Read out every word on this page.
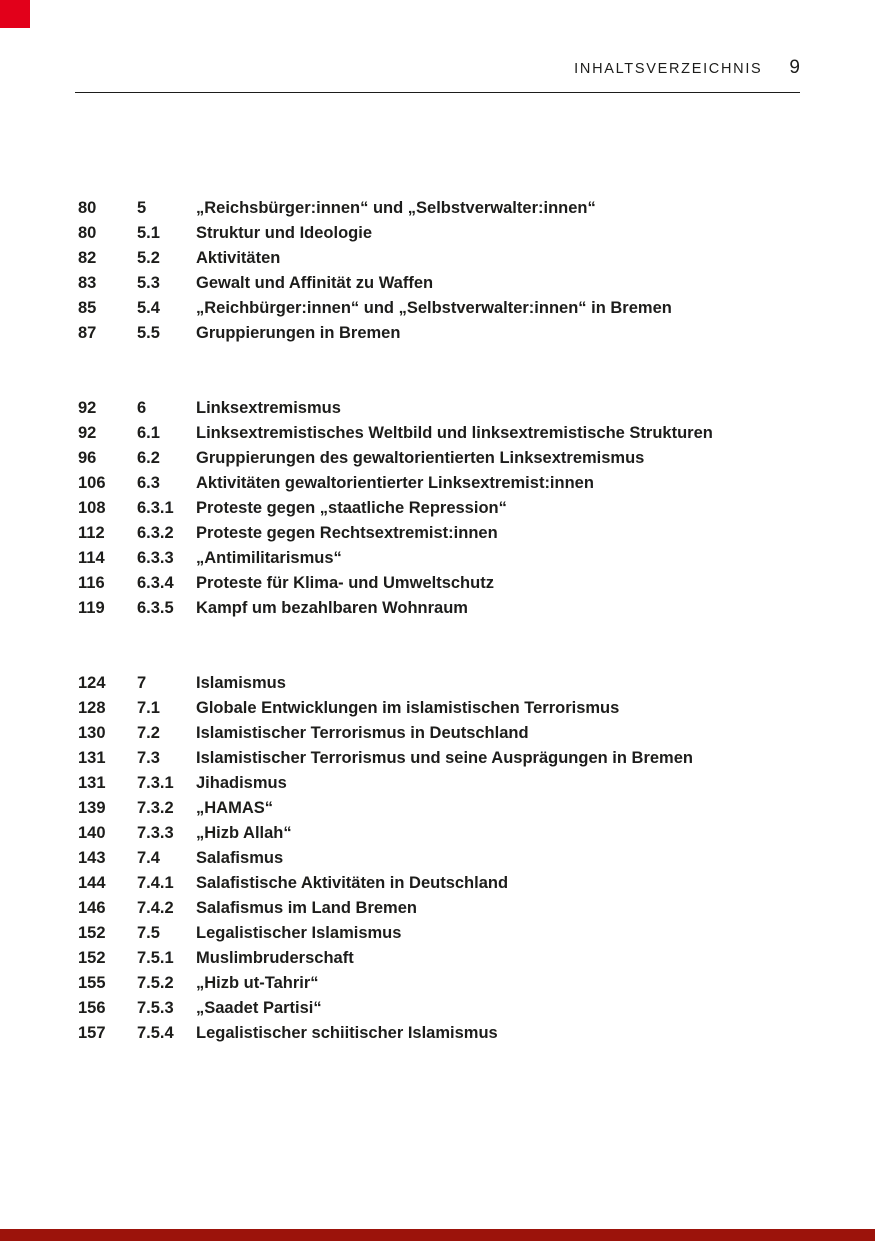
INHALTSVERZEICHNIS 9
80	5	„Reichsbürger:innen“ und „Selbstverwalter:innen“
80	5.1	Struktur und Ideologie
82	5.2	Aktivitäten
83	5.3	Gewalt und Affinität zu Waffen
85	5.4	„Reichbürger:innen“ und „Selbstverwalter:innen“ in Bremen
87	5.5	Gruppierungen in Bremen
92	6	Linksextremismus
92	6.1	Linksextremistisches Weltbild und linksextremistische Strukturen
96	6.2	Gruppierungen des gewaltorientierten Linksextremismus
106	6.3	Aktivitäten gewaltorientierter Linksextremist:innen
108	6.3.1	Proteste gegen „staatliche Repression“
112	6.3.2	Proteste gegen Rechtsextremist:innen
114	6.3.3	„Antimilitarismus“
116	6.3.4	Proteste für Klima- und Umweltschutz
119	6.3.5	Kampf um bezahlbaren Wohnraum
124	7	Islamismus
128	7.1	Globale Entwicklungen im islamistischen Terrorismus
130	7.2	Islamistischer Terrorismus in Deutschland
131	7.3	Islamistischer Terrorismus und seine Ausprägungen in Bremen
131	7.3.1	Jihadismus
139	7.3.2	„HAMAS“
140	7.3.3	„Hizb Allah“
143	7.4	Salafismus
144	7.4.1	Salafistische Aktivitäten in Deutschland
146	7.4.2	Salafismus im Land Bremen
152	7.5	Legalistischer Islamismus
152	7.5.1	Muslimbruderschaft
155	7.5.2	„Hizb ut-Tahrir“
156	7.5.3	„Saadet Partisi“
157	7.5.4	Legalistischer schiitischer Islamismus
